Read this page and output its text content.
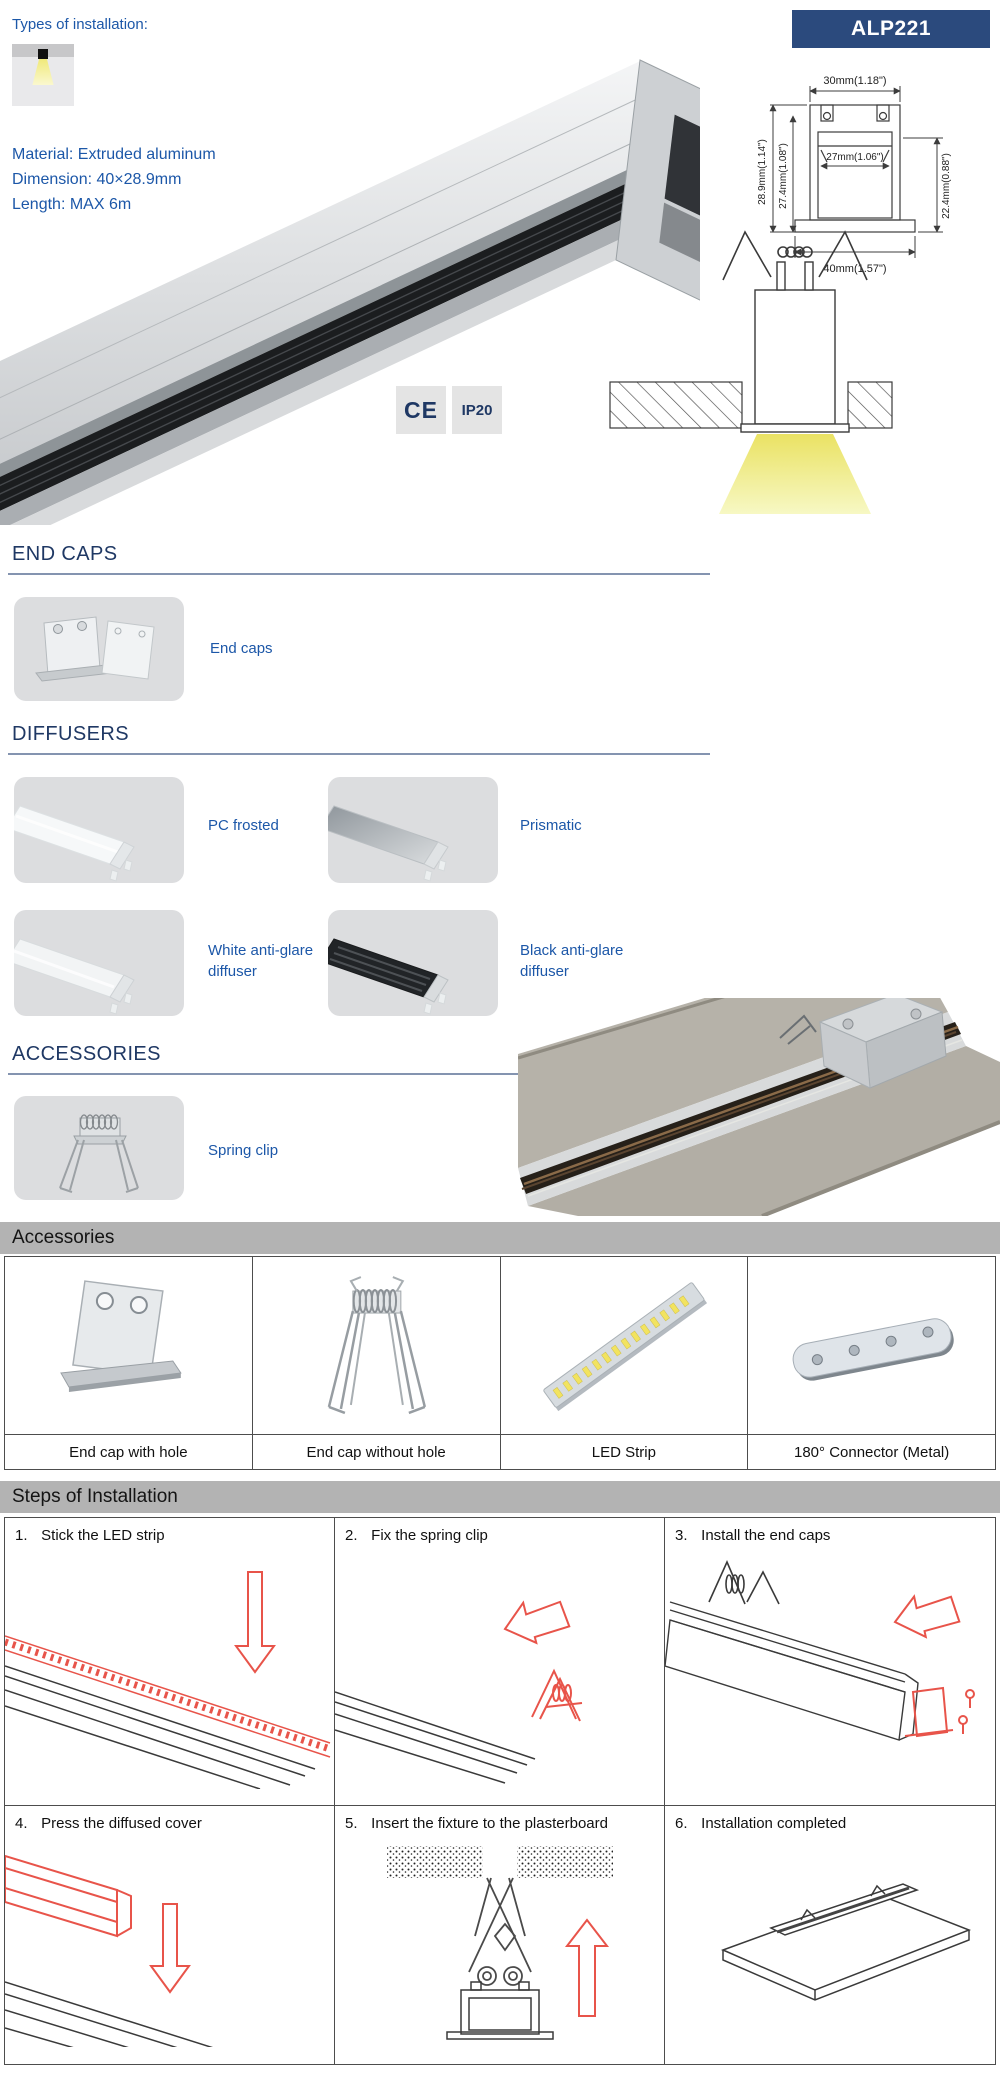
Types of installation:
Material: Extruded aluminum
Dimension: 40×28.9mm
Length: MAX 6m
ALP221
30mm(1.18")
27mm(1.06")
28.9mm(1.14") 27.4mm(1.08")	22.4mm(0.88")
40mm(1.57")
CE IP20
END CAPS
End caps
DIFFUSERS
PC frosted	Prismatic
White anti-glare diffuser
Black anti-glare diffuser
ACCESSORIES
Spring clip
Accessories
End cap with hole	End cap without hole	LED Strip	180° Connector (Metal)
Steps of Installation
1. Stick the LED strip	2. Fix the spring clip	3. Install the end caps
4. Press the diffused cover	5. Insert the fixture to the plasterboard	6. Installation completed
